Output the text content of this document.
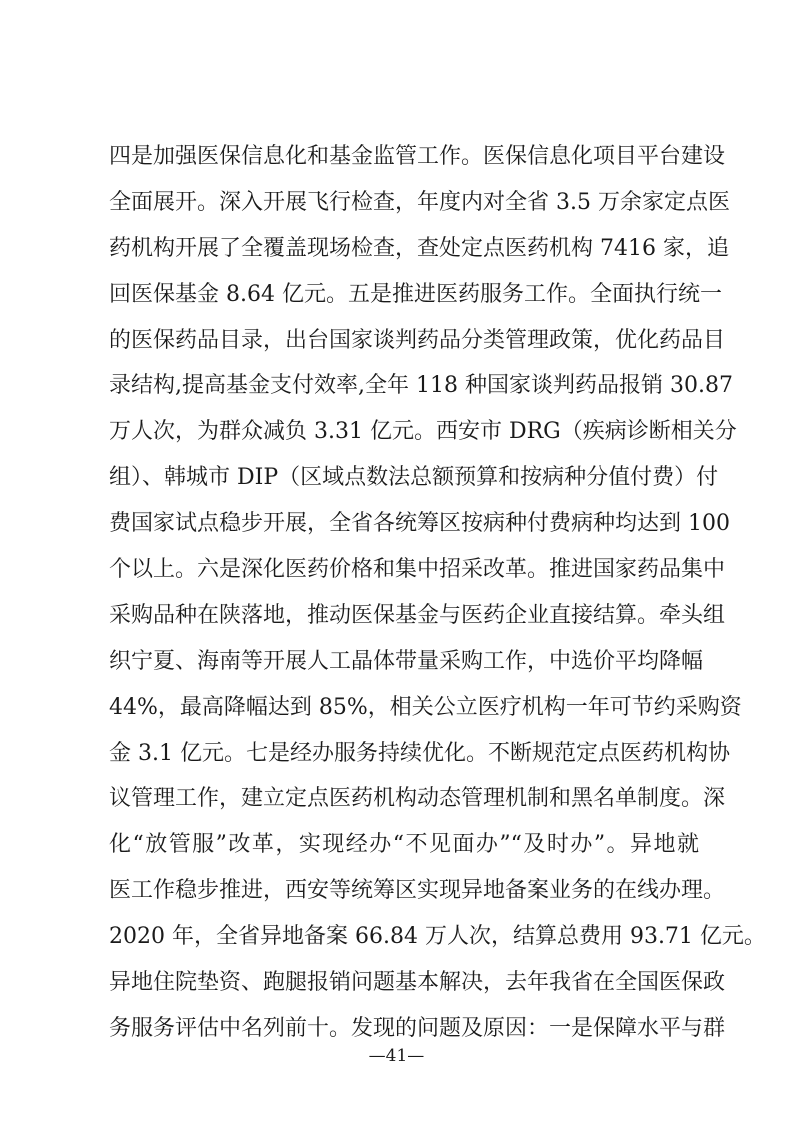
四是加强医保信息化和基金监管工作。医保信息化项目平台建设
全面展开。深入开展飞行检查，年度内对全省 3.5 万余家定点医
药机构开展了全覆盖现场检查，查处定点医药机构 7416 家，追
回医保基金 8.64 亿元。五是推进医药服务工作。全面执行统一
的医保药品目录，出台国家谈判药品分类管理政策，优化药品目
录结构,提高基金支付效率,全年 118 种国家谈判药品报销 30.87
万人次，为群众减负 3.31 亿元。西安市 DRG（疾病诊断相关分
组）、韩城市 DIP（区域点数法总额预算和按病种分值付费）付
费国家试点稳步开展，全省各统筹区按病种付费病种均达到 100
个以上。六是深化医药价格和集中招采改革。推进国家药品集中
采购品种在陕落地，推动医保基金与医药企业直接结算。牵头组
织宁夏、海南等开展人工晶体带量采购工作，中选价平均降幅
44%，最高降幅达到 85%，相关公立医疗机构一年可节约采购资
金 3.1 亿元。七是经办服务持续优化。不断规范定点医药机构协
议管理工作，建立定点医药机构动态管理机制和黑名单制度。深
化“放管服”改革，实现经办“不见面办”“及时办”。异地就
医工作稳步推进，西安等统筹区实现异地备案业务的在线办理。
2020 年，全省异地备案 66.84 万人次，结算总费用 93.71 亿元。
异地住院垫资、跑腿报销问题基本解决，去年我省在全国医保政
务服务评估中名列前十。发现的问题及原因：一是保障水平与群
—41—
